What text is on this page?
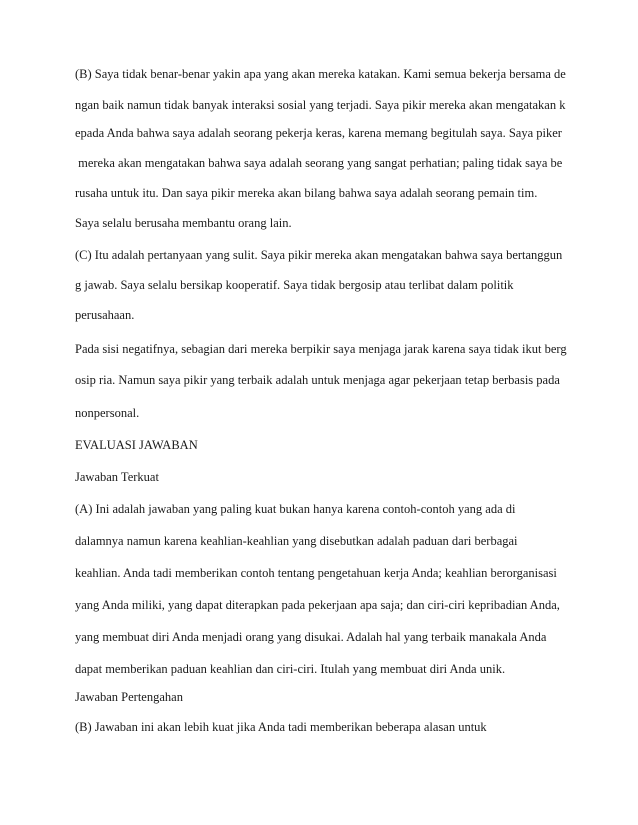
(B) Saya tidak benar-benar yakin apa yang akan mereka katakan. Kami semua bekerja bersama de

ngan baik namun tidak banyak interaksi sosial yang terjadi. Saya pikir mereka akan mengatakan k

epada Anda bahwa saya adalah seorang pekerja keras, karena memang begitulah saya. Saya piker

mereka akan mengatakan bahwa saya adalah seorang yang sangat perhatian; paling tidak saya be

rusaha untuk itu. Dan saya pikir mereka akan bilang bahwa saya adalah seorang pemain tim.

Saya selalu berusaha membantu orang lain.

(C) Itu adalah pertanyaan yang sulit. Saya pikir mereka akan mengatakan bahwa saya bertanggun

g jawab. Saya selalu bersikap kooperatif. Saya tidak bergosip atau terlibat dalam politik

perusahaan.

Pada sisi negatifnya, sebagian dari mereka berpikir saya menjaga jarak karena saya tidak ikut berg

osip ria. Namun saya pikir yang terbaik adalah untuk menjaga agar pekerjaan tetap berbasis pada

nonpersonal.

EVALUASI JAWABAN

Jawaban Terkuat

(A) Ini adalah jawaban yang paling kuat bukan hanya karena contoh-contoh yang ada di

dalamnya namun karena keahlian-keahlian yang disebutkan adalah paduan dari berbagai

keahlian. Anda tadi memberikan contoh tentang pengetahuan kerja Anda; keahlian berorganisasi

yang Anda miliki, yang dapat diterapkan pada pekerjaan apa saja; dan ciri-ciri kepribadian Anda,

yang membuat diri Anda menjadi orang yang disukai. Adalah hal yang terbaik manakala Anda

dapat memberikan paduan keahlian dan ciri-ciri. Itulah yang membuat diri Anda unik.

Jawaban Pertengahan

(B) Jawaban ini akan lebih kuat jika Anda tadi memberikan beberapa alasan untuk
